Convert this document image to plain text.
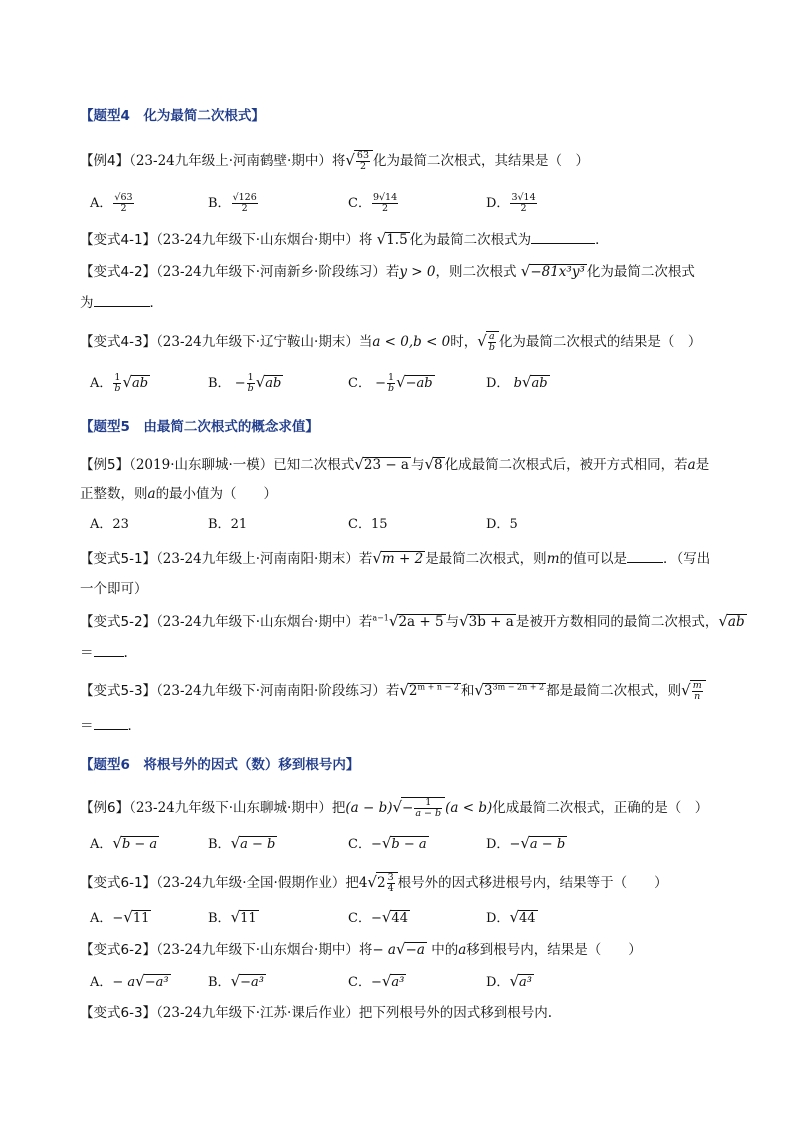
【题型4　化为最简二次根式】
【例4】（23-24九年级上·河南鹤壁·期中）将√ $\frac{63}{2}$ 化为最简二次根式，其结果是（　）
A． $\frac{√63}{2}$	B． $\frac{√126}{2}$	C． $\frac{9√14}{2}$	D． $\frac{3√14}{2}$
【变式4-1】（23-24九年级下·山东烟台·期中）将 √1.5 化为最简二次根式为	．
【变式4-2】（23-24九年级下·河南新乡·阶段练习）若y > 0，则二次根式 √−81x³y³ 化为最简二次根式
为	．
【变式4-3】（23-24九年级下·辽宁鞍山·期末）当a < 0,b < 0时，√ $\frac{a}{b}$ 化为最简二次根式的结果是（　）
A． $\frac{1}{b} √ab$	B． − $\frac{1}{b} √ab$	C． − $\frac{1}{b} √-ab$	D． b√ab
【题型5　由最简二次根式的概念求值】
【例5】（2019·山东聊城·一模）已知二次根式√23 − a 与√8 化成最简二次根式后，被开方式相同，若a是
正整数，则a的最小值为（　　）
A．23	B．21	C．15	D．5
【变式5-1】（23-24九年级上·河南南阳·期末）若√m + 2 是最简二次根式，则m的值可以是	．（写出
一个即可）
【变式5-2】（23-24九年级下·山东烟台·期中）若$^{a-1}$√2a + 5 与√3b + a 是被开方数相同的最简二次根式，√ab
＝ .
【变式5-3】（23-24九年级下·河南南阳·阶段练习）若$√2^{m + n - 2}$ 和$√3^{3m - 2n + 2}$ 都是最简二次根式，则√ $\frac{m}{n}$
＝	．
【题型6　将根号外的因式（数）移到根号内】
【例6】（23-24九年级下·山东聊城·期中）把$(a - b)√- \frac{1}{a - b} (a < b)$化成最简二次根式，正确的是（　）
A．√b − a	B．√a − b	C．−√b − a	D．−√a − b
【变式6-1】（23-24九年级·全国·假期作业）把$4√2 \frac{3}{4}$ 根号外的因式移进根号内，结果等于（　　）
A．−√11	B．√11	C．−√44	D．√44
【变式6-2】（23-24九年级下·山东烟台·期中）将− a√−a 中的a移到根号内，结果是（　　）
A．− a√−a³	B．√−a³	C．−√a³	D．√a³
【变式6-3】（23-24九年级下·江苏·课后作业）把下列根号外的因式移到根号内.
